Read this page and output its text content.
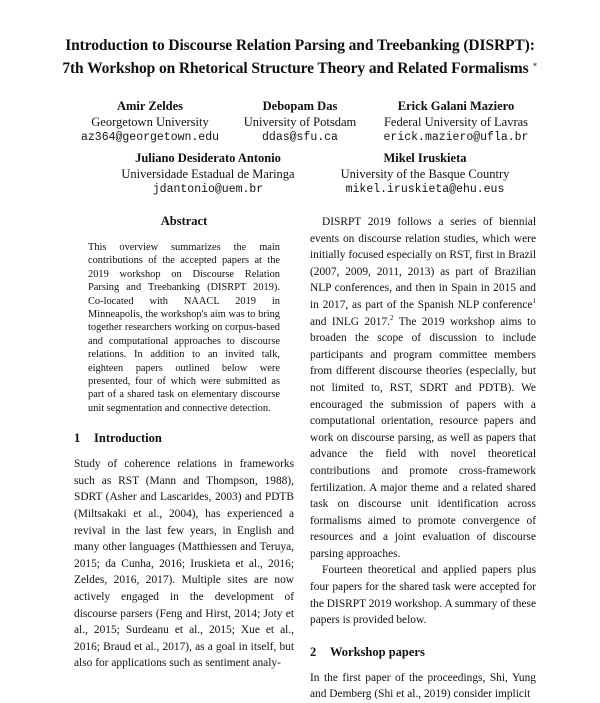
Introduction to Discourse Relation Parsing and Treebanking (DISRPT):
7th Workshop on Rhetorical Structure Theory and Related Formalisms ∗
Amir Zeldes
Georgetown University
az364@georgetown.edu
Debopam Das
University of Potsdam
ddas@sfu.ca
Erick Galani Maziero
Federal University of Lavras
erick.maziero@ufla.br
Juliano Desiderato Antonio
Universidade Estadual de Maringa
jdantonio@uem.br
Mikel Iruskieta
University of the Basque Country
mikel.iruskieta@ehu.eus
Abstract

This overview summarizes the main contributions of the accepted papers at the 2019 workshop on Discourse Relation Parsing and Treebanking (DISRPT 2019). Co-located with NAACL 2019 in Minneapolis, the workshop's aim was to bring together researchers working on corpus-based and computational approaches to discourse relations. In addition to an invited talk, eighteen papers outlined below were presented, four of which were submitted as part of a shared task on elementary discourse unit segmentation and connective detection.

1 Introduction

Study of coherence relations in frameworks such as RST (Mann and Thompson, 1988), SDRT (Asher and Lascarides, 2003) and PDTB (Miltsakaki et al., 2004), has experienced a revival in the last few years, in English and many other languages (Matthiessen and Teruya, 2015; da Cunha, 2016; Iruskieta et al., 2016; Zeldes, 2016, 2017). Multiple sites are now actively engaged in the development of discourse parsers (Feng and Hirst, 2014; Joty et al., 2015; Surdeanu et al., 2015; Xue et al., 2016; Braud et al., 2017), as a goal in itself, but also for applications such as sentiment analy-

DISRPT 2019 follows a series of biennial events on discourse relation studies, which were initially focused especially on RST, first in Brazil (2007, 2009, 2011, 2013) as part of Brazilian NLP conferences, and then in Spain in 2015 and in 2017, as part of the Spanish NLP conference$^1$ and INLG 2017.$^2$ The 2019 workshop aims to broaden the scope of discussion to include participants and program committee members from different discourse theories (especially, but not limited to, RST, SDRT and PDTB). We encouraged the submission of papers with a computational orientation, resource papers and work on discourse parsing, as well as papers that advance the field with novel theoretical contributions and promote cross-framework fertilization. A major theme and a related shared task on discourse unit identification across formalisms aimed to promote convergence of resources and a joint evaluation of discourse parsing approaches.

Fourteen theoretical and applied papers plus four papers for the shared task were accepted for the DISRPT 2019 workshop. A summary of these papers is provided below.

2 Workshop papers

In the first paper of the proceedings, Shi, Yung and Demberg (Shi et al., 2019) consider implicit
